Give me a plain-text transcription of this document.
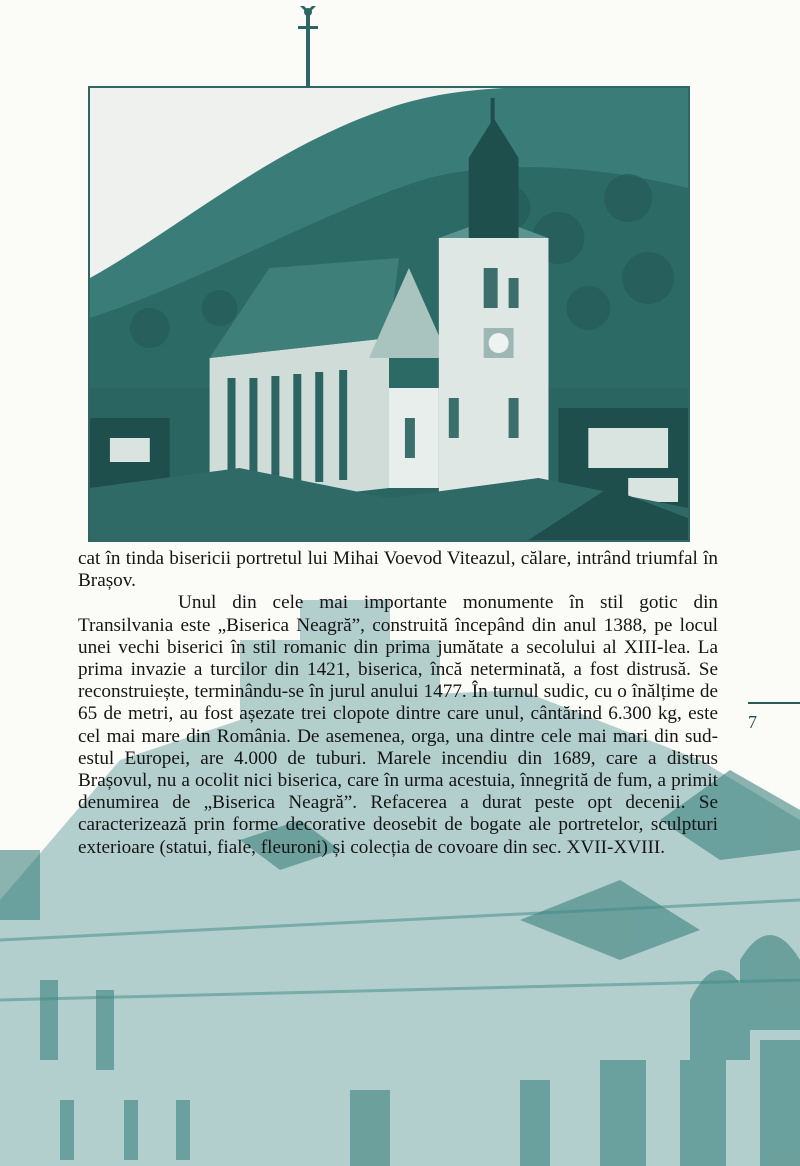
cat în tinda bisericii portretul lui Mihai Voevod Viteazul, călare, intrând triumfal în Brașov.

Unul din cele mai importante monumente în stil gotic din Transilvania este „Biserica Neagră”, construită începând din anul 1388, pe locul unei vechi biserici în stil romanic din prima jumătate a secolului al XIII-lea. La prima invazie a turcilor din 1421, biserica, încă neterminată, a fost distrusă. Se reconstruiește, terminându-se în jurul anului 1477. În turnul sudic, cu o înălțime de 65 de metri, au fost așezate trei clopote dintre care unul, cântărind 6.300 kg, este cel mai mare din România. De asemenea, orga, una dintre cele mai mari din sud-estul Europei, are 4.000 de tuburi. Marele incendiu din 1689, care a distrus Brașovul, nu a ocolit nici biserica, care în urma acestuia, înnegrită de fum, a primit denumirea de „Biserica Neagră”. Refacerea a durat peste opt decenii. Se caracterizează prin forme decorative deosebit de bogate ale portretelor, sculpturi exterioare (statui, fiale, fleuroni) și colecția de covoare din sec. XVII-XVIII.

7
